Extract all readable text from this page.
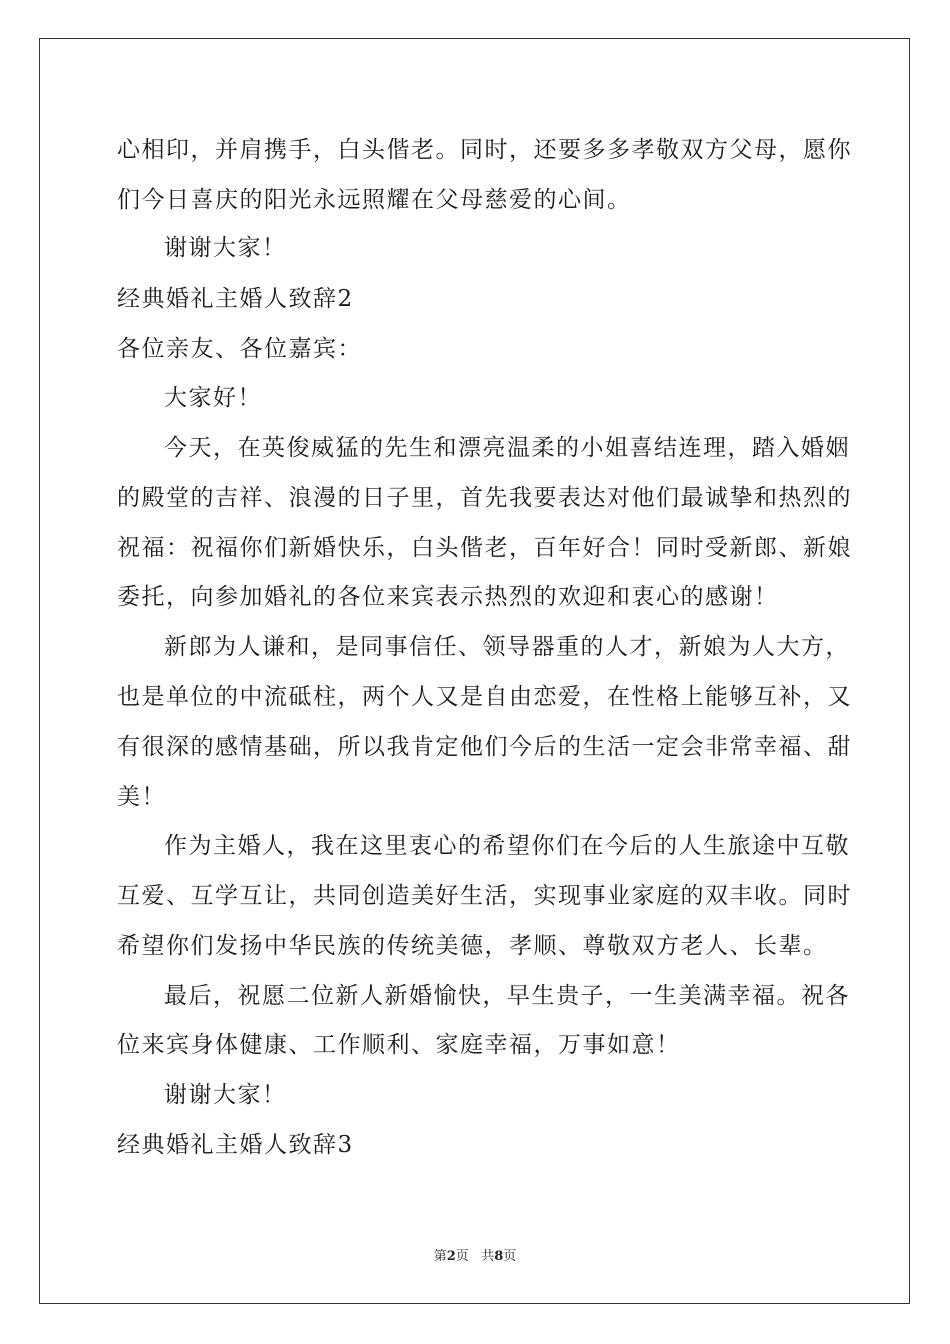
心相印，并肩携手，白头偕老。同时，还要多多孝敬双方父母，愿你
们今日喜庆的阳光永远照耀在父母慈爱的心间。
谢谢大家！
经典婚礼主婚人致辞2
各位亲友、各位嘉宾：
大家好！
今天，在英俊威猛的先生和漂亮温柔的小姐喜结连理，踏入婚姻
的殿堂的吉祥、浪漫的日子里，首先我要表达对他们最诚挚和热烈的
祝福：祝福你们新婚快乐，白头偕老，百年好合！同时受新郎、新娘
委托，向参加婚礼的各位来宾表示热烈的欢迎和衷心的感谢！
新郎为人谦和，是同事信任、领导器重的人才，新娘为人大方，
也是单位的中流砥柱，两个人又是自由恋爱，在性格上能够互补，又
有很深的感情基础，所以我肯定他们今后的生活一定会非常幸福、甜
美！
作为主婚人，我在这里衷心的希望你们在今后的人生旅途中互敬
互爱、互学互让，共同创造美好生活，实现事业家庭的双丰收。同时
希望你们发扬中华民族的传统美德，孝顺、尊敬双方老人、长辈。
最后，祝愿二位新人新婚愉快，早生贵子，一生美满幸福。祝各
位来宾身体健康、工作顺利、家庭幸福，万事如意！
谢谢大家！
经典婚礼主婚人致辞3
第2页 共8页
